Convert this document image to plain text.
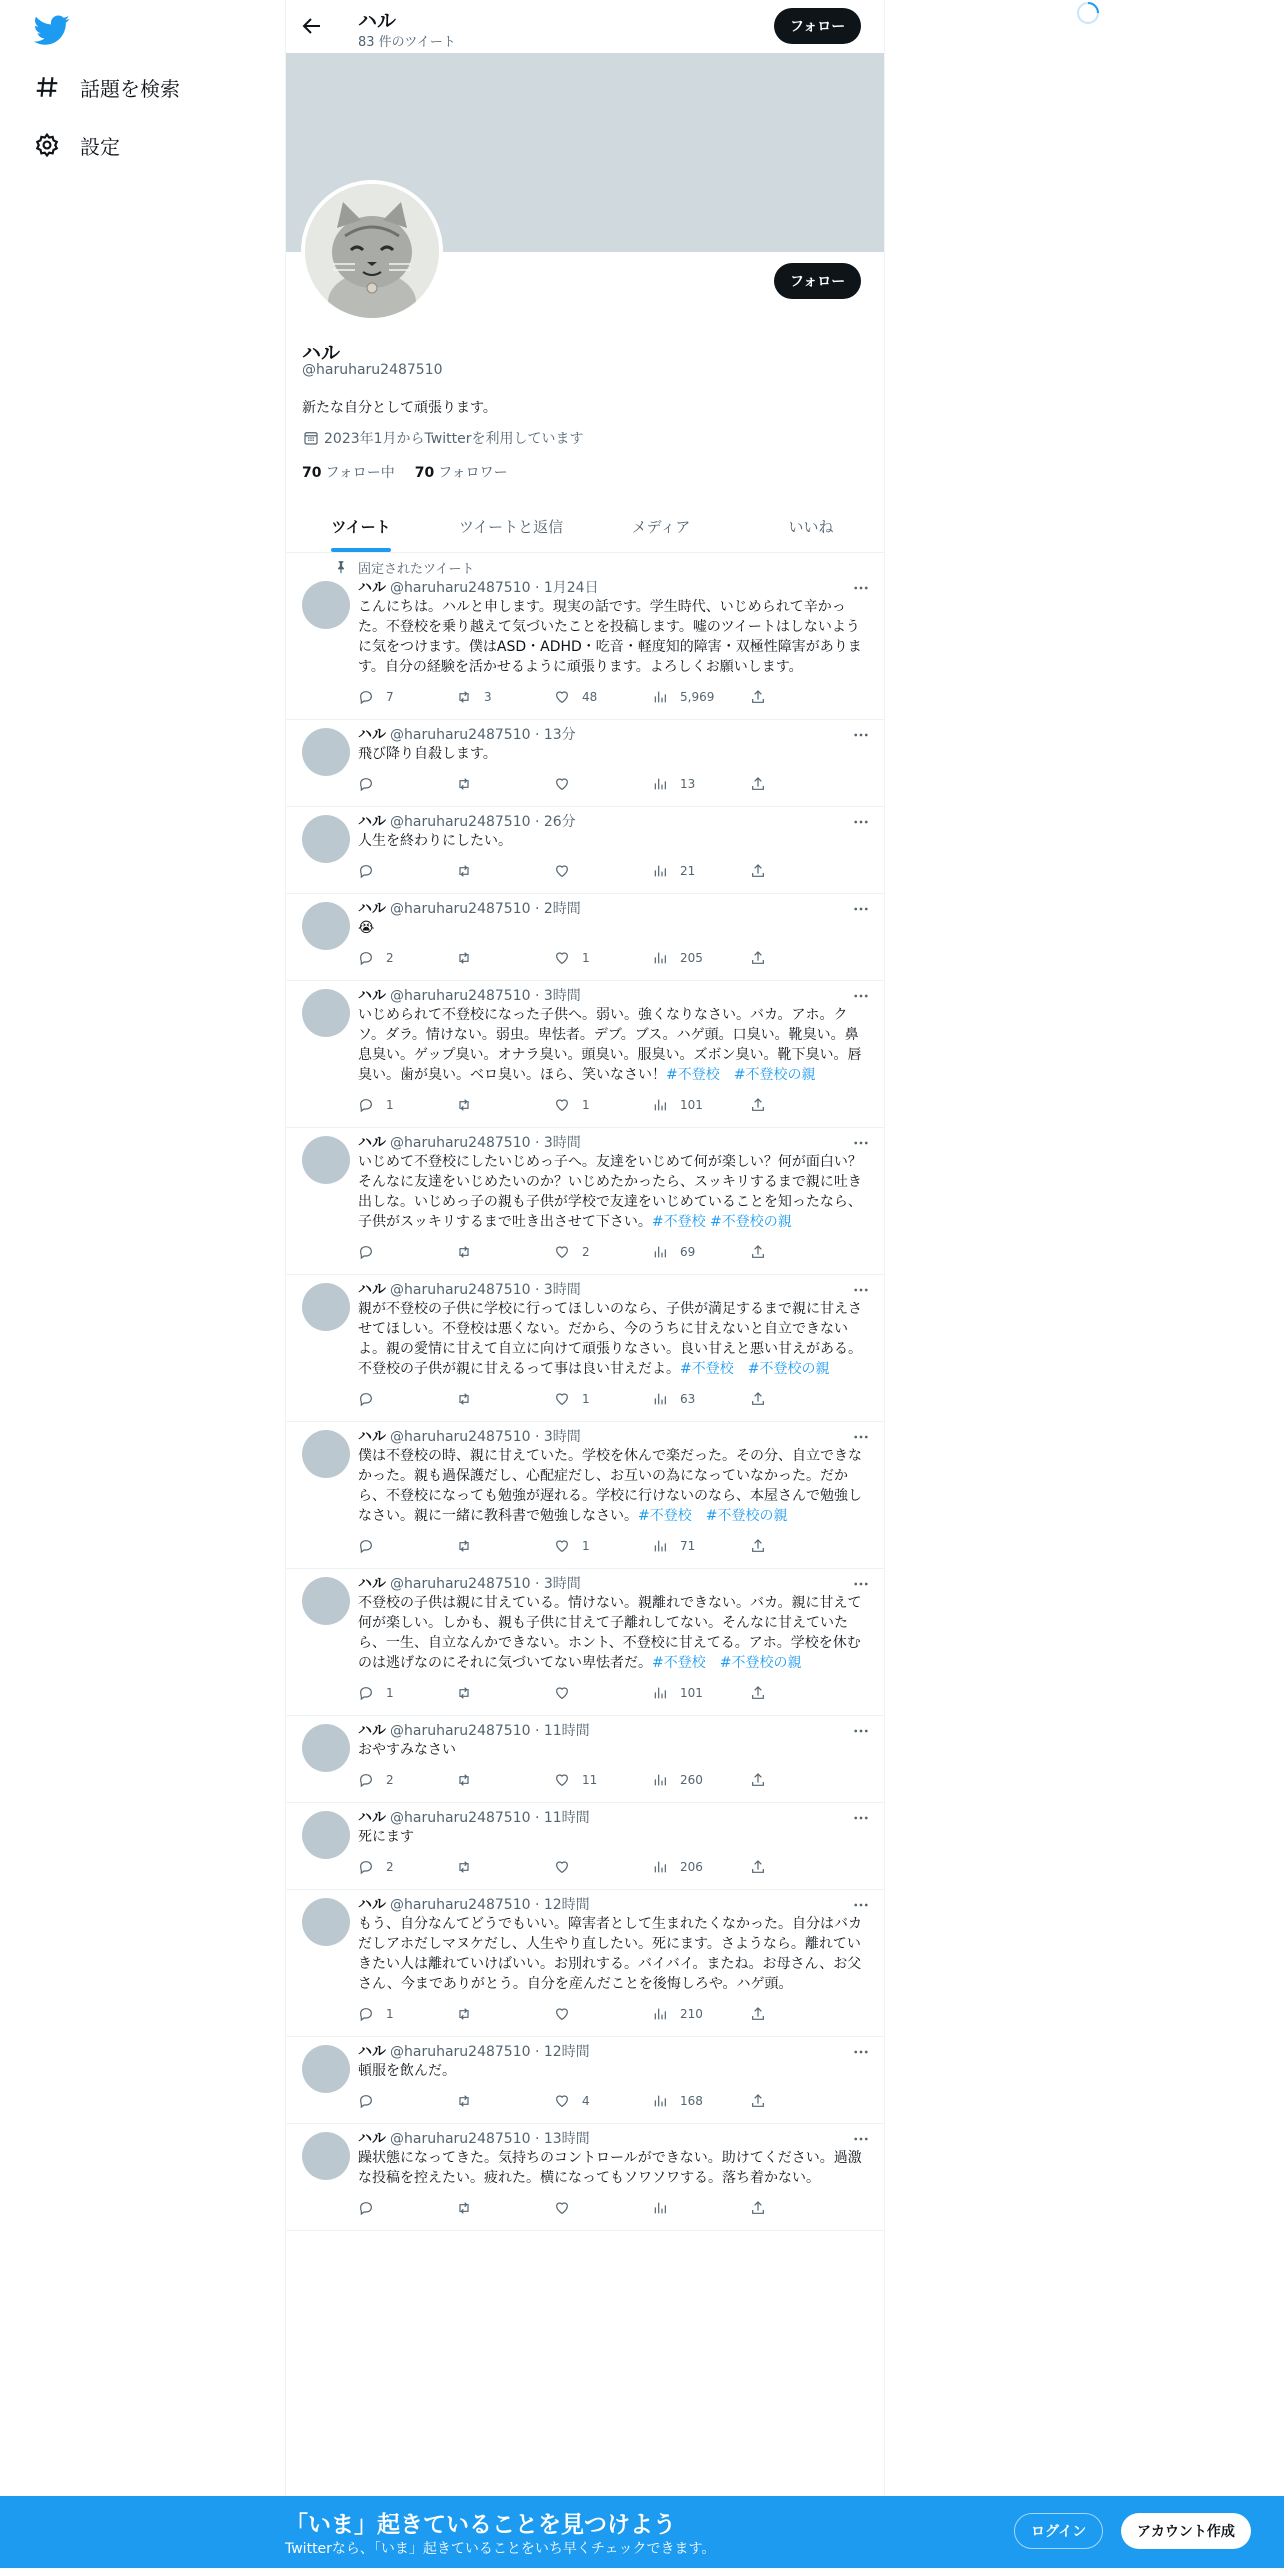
話題を検索
設定
ハル
83 件のツイート
フォロー
フォロー
ハル
@haruharu2487510
新たな自分として頑張ります。
2023年1月からTwitterを利用しています
70 フォロー中 70 フォロワー
ツイート	ツイートと返信	メディア	いいね
固定されたツイート
ハル @haruharu2487510 · 1月24日
こんにちは。ハルと申します。現実の話です。学生時代、いじめられて辛かった。不登校を乗り越えて気づいたことを投稿します。嘘のツイートはしないように気をつけます。僕はASD・ADHD・吃音・軽度知的障害・双極性障害があります。自分の経験を活かせるように頑張ります。よろしくお願いします。
7	3	48	5,969
ハル @haruharu2487510 · 13分
飛び降り自殺します。
13
ハル @haruharu2487510 · 26分
人生を終わりにしたい。
21
ハル @haruharu2487510 · 2時間
😭
2	1	205
ハル @haruharu2487510 · 3時間
いじめられて不登校になった子供へ。弱い。強くなりなさい。バカ。アホ。クソ。ダラ。情けない。弱虫。卑怯者。デブ。ブス。ハゲ頭。口臭い。靴臭い。鼻息臭い。ゲップ臭い。オナラ臭い。頭臭い。服臭い。ズボン臭い。靴下臭い。唇臭い。歯が臭い。ベロ臭い。ほら、笑いなさい！#不登校　#不登校の親
1	1	101
ハル @haruharu2487510 · 3時間
いじめて不登校にしたいじめっ子へ。友達をいじめて何が楽しい？何が面白い？そんなに友達をいじめたいのか？いじめたかったら、スッキリするまで親に吐き出しな。いじめっ子の親も子供が学校で友達をいじめていることを知ったなら、子供がスッキリするまで吐き出させて下さい。#不登校 #不登校の親
2	69
ハル @haruharu2487510 · 3時間
親が不登校の子供に学校に行ってほしいのなら、子供が満足するまで親に甘えさせてほしい。不登校は悪くない。だから、今のうちに甘えないと自立できないよ。親の愛情に甘えて自立に向けて頑張りなさい。良い甘えと悪い甘えがある。不登校の子供が親に甘えるって事は良い甘えだよ。#不登校　#不登校の親
1	63
ハル @haruharu2487510 · 3時間
僕は不登校の時、親に甘えていた。学校を休んで楽だった。その分、自立できなかった。親も過保護だし、心配症だし、お互いの為になっていなかった。だから、不登校になっても勉強が遅れる。学校に行けないのなら、本屋さんで勉強しなさい。親に一緒に教科書で勉強しなさい。#不登校　#不登校の親
1	71
ハル @haruharu2487510 · 3時間
不登校の子供は親に甘えている。情けない。親離れできない。バカ。親に甘えて何が楽しい。しかも、親も子供に甘えて子離れしてない。そんなに甘えていたら、一生、自立なんかできない。ホント、不登校に甘えてる。アホ。学校を休むのは逃げなのにそれに気づいてない卑怯者だ。#不登校　#不登校の親
1	101
ハル @haruharu2487510 · 11時間
おやすみなさい
2	11	260
ハル @haruharu2487510 · 11時間
死にます
2	206
ハル @haruharu2487510 · 12時間
もう、自分なんてどうでもいい。障害者として生まれたくなかった。自分はバカだしアホだしマヌケだし、人生やり直したい。死にます。さようなら。離れていきたい人は離れていけばいい。お別れする。バイバイ。またね。お母さん、お父さん、今までありがとう。自分を産んだことを後悔しろや。ハゲ頭。
1	210
ハル @haruharu2487510 · 12時間
頓服を飲んだ。
4	168
ハル @haruharu2487510 · 13時間
躁状態になってきた。気持ちのコントロールができない。助けてください。過激な投稿を控えたい。疲れた。横になってもソワソワする。落ち着かない。
「いま」起きていることを見つけよう
Twitterなら、「いま」起きていることをいち早くチェックできます。
ログイン	アカウント作成
